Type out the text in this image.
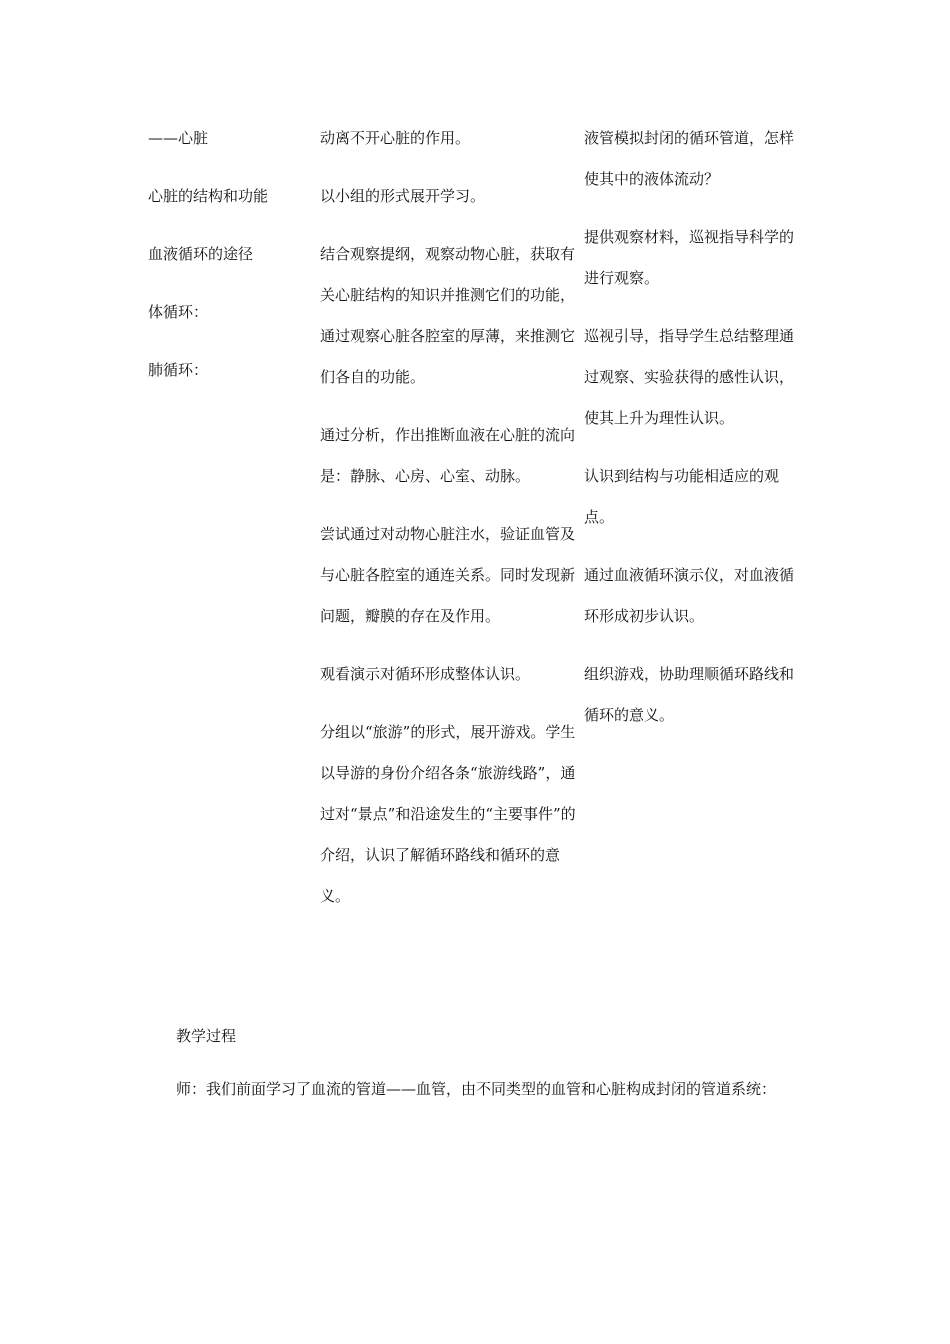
——心脏
心脏的结构和功能
血液循环的途径
体循环：
肺循环：
动离不开心脏的作用。
以小组的形式展开学习。
结合观察提纲，观察动物心脏，获取有关心脏结构的知识并推测它们的功能，通过观察心脏各腔室的厚薄，来推测它们各自的功能。
通过分析，作出推断血液在心脏的流向是：静脉、心房、心室、动脉。
尝试通过对动物心脏注水，验证血管及与心脏各腔室的通连关系。同时发现新问题，瓣膜的存在及作用。
观看演示对循环形成整体认识。
分组以“旅游”的形式，展开游戏。学生以导游的身份介绍各条“旅游线路”，通过对“景点”和沿途发生的“主要事件”的介绍，认识了解循环路线和循环的意义。
液管模拟封闭的循环管道，怎样使其中的液体流动？
提供观察材料，巡视指导科学的进行观察。
巡视引导，指导学生总结整理通过观察、实验获得的感性认识，使其上升为理性认识。
认识到结构与功能相适应的观点。
通过血液循环演示仪，对血液循环形成初步认识。
组织游戏，协助理顺循环路线和循环的意义。
教学过程
师：我们前面学习了血流的管道——血管，由不同类型的血管和心脏构成封闭的管道系统：
